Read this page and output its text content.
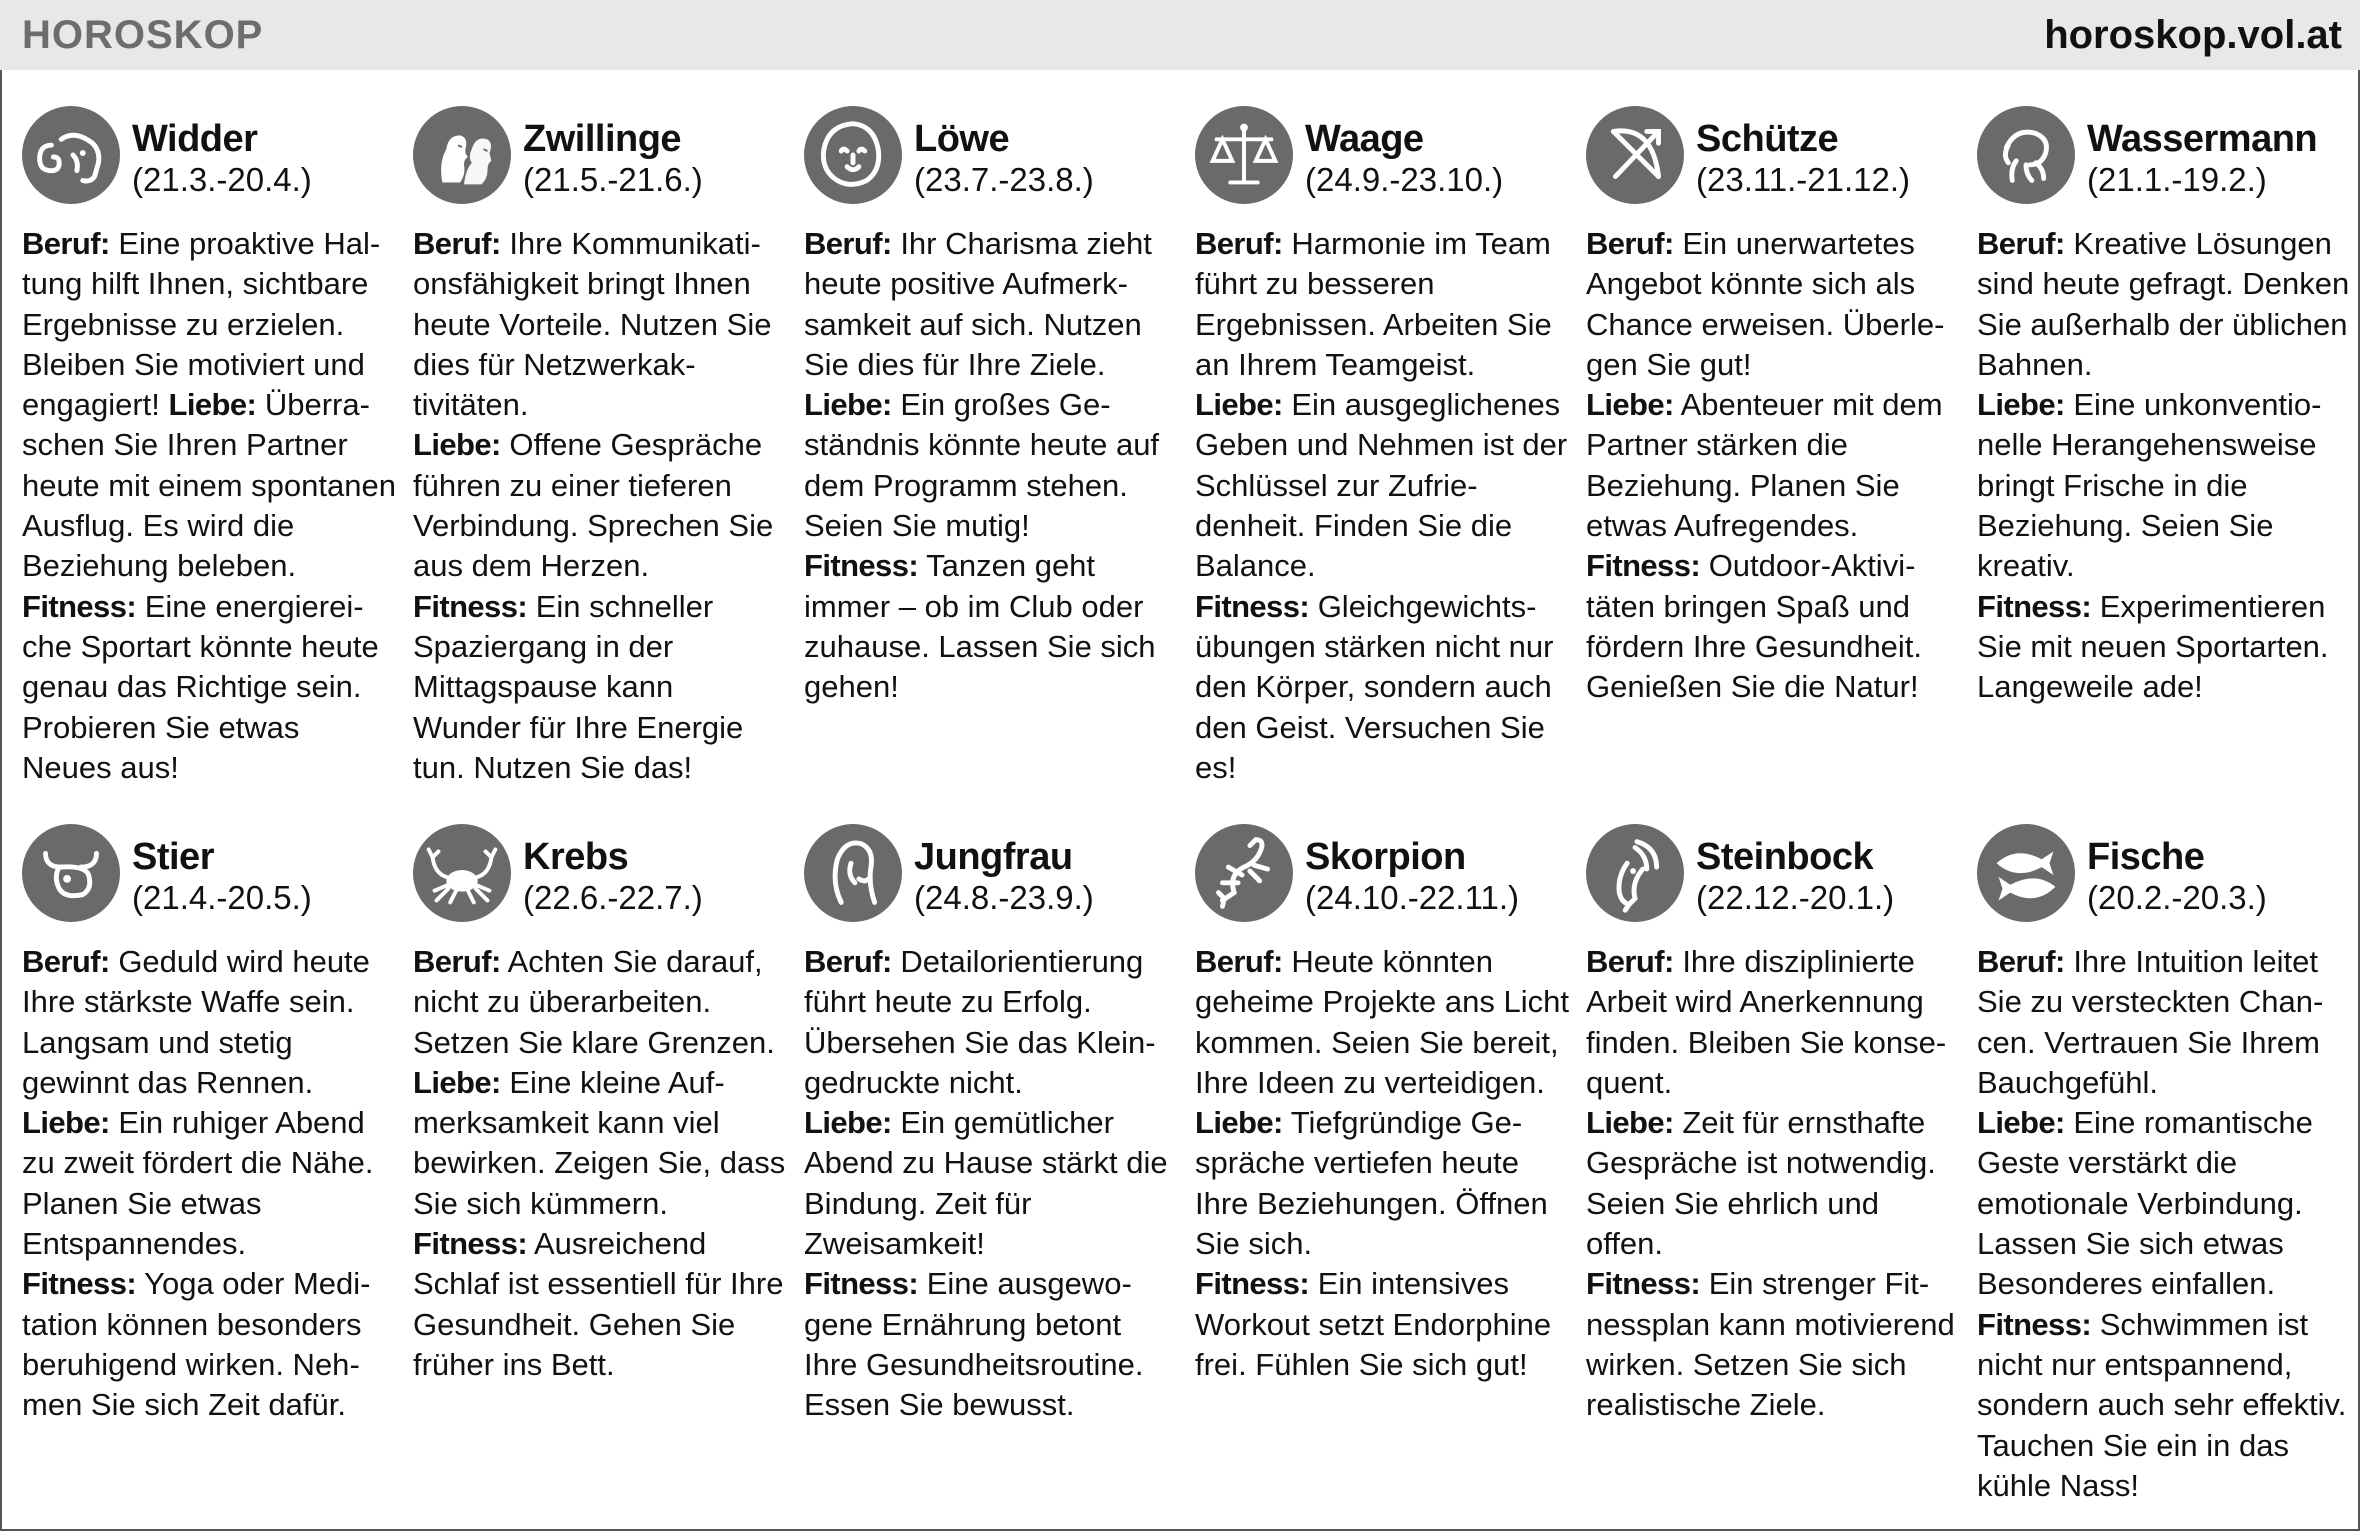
HOROSKOP	horoskop.vol.at
Widder
(21.3.-20.4.)
Beruf: Eine proaktive Haltung hilft Ihnen, sichtbare Ergebnisse zu erzielen. Bleiben Sie motiviert und engagiert! Liebe: Überraschen Sie Ihren Partner heute mit einem spontanen Ausflug. Es wird die Beziehung beleben.
Fitness: Eine energiereiche Sportart könnte heute genau das Richtige sein. Probieren Sie etwas Neues aus!
Zwillinge
(21.5.-21.6.)
Beruf: Ihre Kommunikationsfähigkeit bringt Ihnen heute Vorteile. Nutzen Sie dies für Netzwerkaktivitäten.
Liebe: Offene Gespräche führen zu einer tieferen Verbindung. Sprechen Sie aus dem Herzen.
Fitness: Ein schneller Spaziergang in der Mittagspause kann Wunder für Ihre Energie tun. Nutzen Sie das!
Löwe
(23.7.-23.8.)
Beruf: Ihr Charisma zieht heute positive Aufmerksamkeit auf sich. Nutzen Sie dies für Ihre Ziele.
Liebe: Ein großes Geständnis könnte heute auf dem Programm stehen. Seien Sie mutig!
Fitness: Tanzen geht immer – ob im Club oder zuhause. Lassen Sie sich gehen!
Waage
(24.9.-23.10.)
Beruf: Harmonie im Team führt zu besseren Ergebnissen. Arbeiten Sie an Ihrem Teamgeist.
Liebe: Ein ausgeglichenes Geben und Nehmen ist der Schlüssel zur Zufriedenheit. Finden Sie die Balance.
Fitness: Gleichgewichtsübungen stärken nicht nur den Körper, sondern auch den Geist. Versuchen Sie es!
Schütze
(23.11.-21.12.)
Beruf: Ein unerwartetes Angebot könnte sich als Chance erweisen. Überlegen Sie gut!
Liebe: Abenteuer mit dem Partner stärken die Beziehung. Planen Sie etwas Aufregendes.
Fitness: Outdoor-Aktivitäten bringen Spaß und fördern Ihre Gesundheit. Genießen Sie die Natur!
Wassermann
(21.1.-19.2.)
Beruf: Kreative Lösungen sind heute gefragt. Denken Sie außerhalb der üblichen Bahnen.
Liebe: Eine unkonventionelle Herangehensweise bringt Frische in die Beziehung. Seien Sie kreativ.
Fitness: Experimentieren Sie mit neuen Sportarten. Langeweile ade!
Stier
(21.4.-20.5.)
Beruf: Geduld wird heute Ihre stärkste Waffe sein. Langsam und stetig gewinnt das Rennen.
Liebe: Ein ruhiger Abend zu zweit fördert die Nähe. Planen Sie etwas Entspannendes.
Fitness: Yoga oder Meditation können besonders beruhigend wirken. Nehmen Sie sich Zeit dafür.
Krebs
(22.6.-22.7.)
Beruf: Achten Sie darauf, nicht zu überarbeiten. Setzen Sie klare Grenzen.
Liebe: Eine kleine Aufmerksamkeit kann viel bewirken. Zeigen Sie, dass Sie sich kümmern.
Fitness: Ausreichend Schlaf ist essentiell für Ihre Gesundheit. Gehen Sie früher ins Bett.
Jungfrau
(24.8.-23.9.)
Beruf: Detailorientierung führt heute zu Erfolg. Übersehen Sie das Kleingedruckte nicht.
Liebe: Ein gemütlicher Abend zu Hause stärkt die Bindung. Zeit für Zweisamkeit!
Fitness: Eine ausgewogene Ernährung betont Ihre Gesundheitsroutine. Essen Sie bewusst.
Skorpion
(24.10.-22.11.)
Beruf: Heute könnten geheime Projekte ans Licht kommen. Seien Sie bereit, Ihre Ideen zu verteidigen.
Liebe: Tiefgründige Gespräche vertiefen heute Ihre Beziehungen. Öffnen Sie sich.
Fitness: Ein intensives Workout setzt Endorphine frei. Fühlen Sie sich gut!
Steinbock
(22.12.-20.1.)
Beruf: Ihre disziplinierte Arbeit wird Anerkennung finden. Bleiben Sie konsequent.
Liebe: Zeit für ernsthafte Gespräche ist notwendig. Seien Sie ehrlich und offen.
Fitness: Ein strenger Fitnessplan kann motivierend wirken. Setzen Sie sich realistische Ziele.
Fische
(20.2.-20.3.)
Beruf: Ihre Intuition leitet Sie zu versteckten Chancen. Vertrauen Sie Ihrem Bauchgefühl.
Liebe: Eine romantische Geste verstärkt die emotionale Verbindung. Lassen Sie sich etwas Besonderes einfallen.
Fitness: Schwimmen ist nicht nur entspannend, sondern auch sehr effektiv. Tauchen Sie ein in das kühle Nass!
